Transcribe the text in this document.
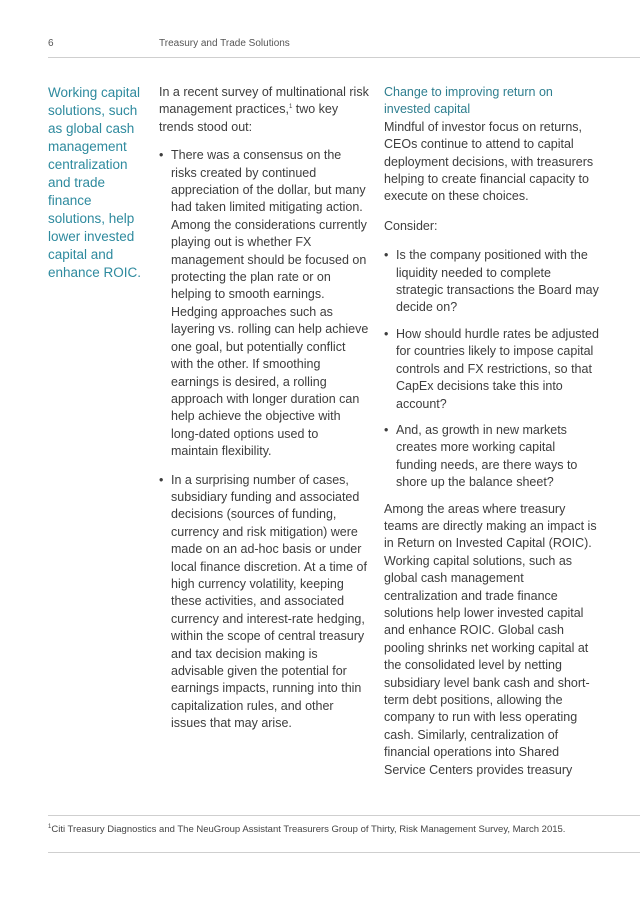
6	Treasury and Trade Solutions
Working capital solutions, such as global cash management centralization and trade finance solutions, help lower invested capital and enhance ROIC.

In a recent survey of multinational risk management practices,$^1$ two key trends stood out:

• There was a consensus on the risks created by continued appreciation of the dollar, but many had taken limited mitigating action. Among the considerations currently playing out is whether FX management should be focused on protecting the plan rate or on helping to smooth earnings. Hedging approaches such as layering vs. rolling can help achieve one goal, but potentially conflict with the other. If smoothing earnings is desired, a rolling approach with longer duration can help achieve the objective with long-dated options used to maintain flexibility.
• In a surprising number of cases, subsidiary funding and associated decisions (sources of funding, currency and risk mitigation) were made on an ad-hoc basis or under local finance discretion. At a time of high currency volatility, keeping these activities, and associated currency and interest-rate hedging, within the scope of central treasury and tax decision making is advisable given the potential for earnings impacts, running into thin capitalization rules, and other issues that may arise.

Change to improving return on invested capital

Mindful of investor focus on returns, CEOs continue to attend to capital deployment decisions, with treasurers helping to create financial capacity to execute on these choices.

Consider:

• Is the company positioned with the liquidity needed to complete strategic transactions the Board may decide on?
• How should hurdle rates be adjusted for countries likely to impose capital controls and FX restrictions, so that CapEx decisions take this into account?
• And, as growth in new markets creates more working capital funding needs, are there ways to shore up the balance sheet?

Among the areas where treasury teams are directly making an impact is in Return on Invested Capital (ROIC). Working capital solutions, such as global cash management centralization and trade finance solutions help lower invested capital and enhance ROIC. Global cash pooling shrinks net working capital at the consolidated level by netting subsidiary level bank cash and short-term debt positions, allowing the company to run with less operating cash. Similarly, centralization of financial operations into Shared Service Centers provides treasury

$^1$Citi Treasury Diagnostics and The NeuGroup Assistant Treasurers Group of Thirty, Risk Management Survey, March 2015.
